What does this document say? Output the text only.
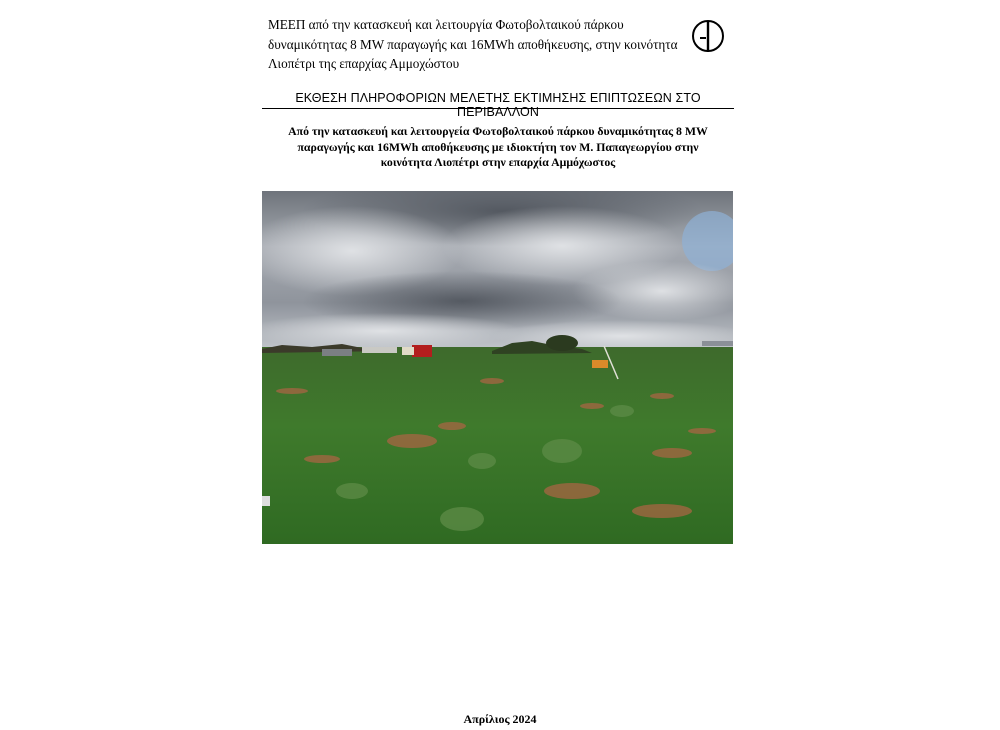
ΜΕΕΠ από την κατασκευή και λειτουργία Φωτοβολταικού πάρκου
δυναμικότητας 8 MW παραγωγής και 16MWh αποθήκευσης, στην κοινότητα
Λιοπέτρι της επαρχίας Αμμοχώστου
ΕΚΘΕΣΗ ΠΛΗΡΟΦΟΡΙΩΝ ΜΕΛΕΤΗΣ ΕΚΤΙΜΗΣΗΣ ΕΠΙΠΤΩΣΕΩΝ ΣΤΟ ΠΕΡΙΒΑΛΛΟΝ
Από την κατασκευή και λειτουργεία Φωτοβολταικού πάρκου δυναμικότητας 8 MW
παραγωγής και 16MWh αποθήκευσης με ιδιοκτήτη τον Μ. Παπαγεωργίου στην
κοινότητα Λιοπέτρι στην επαρχία Αμμόχωστος
Απρίλιος 2024
